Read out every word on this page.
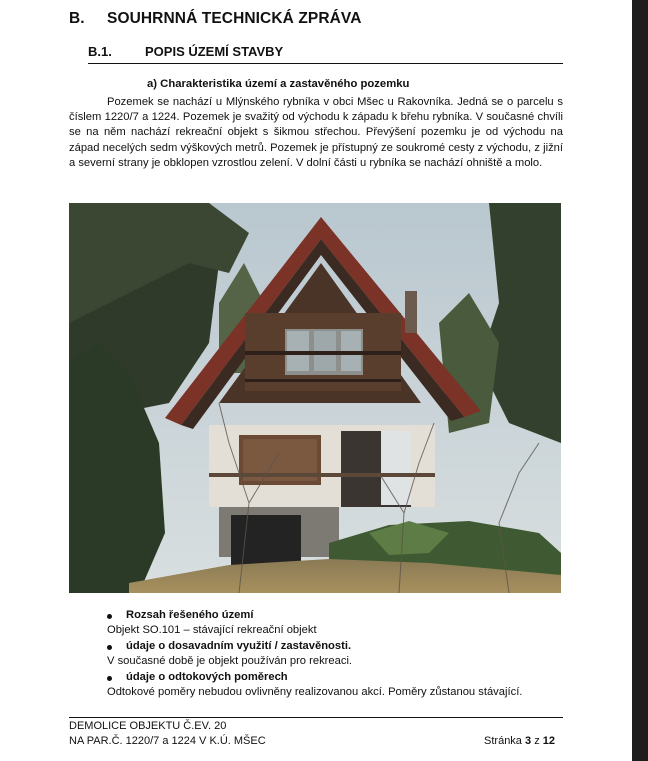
B. SOUHRNNÁ TECHNICKÁ ZPRÁVA
B.1.	POPIS ÚZEMÍ STAVBY
a) Charakteristika území a zastavěného pozemku
Pozemek se nachází u Mlýnského rybníka v obci Mšec u Rakovníka. Jedná se o parcelu s číslem 1220/7 a 1224. Pozemek je svažitý od východu k západu k břehu rybníka. V současné chvíli se na něm nachází rekreační objekt s šikmou střechou. Převýšení pozemku je od východu na západ necelých sedm výškových metrů. Pozemek je přístupný ze soukromé cesty z východu, z jižní a severní strany je obklopen vzrostlou zelení. V dolní části u rybníka se nachází ohniště a molo.
Rozsah řešeného území
Objekt SO.101 – stávající rekreační objekt
údaje o dosavadním využití / zastavěnosti.
V současné době je objekt používán pro rekreaci.
údaje o odtokových poměrech
Odtokové poměry nebudou ovlivněny realizovanou akcí. Poměry zůstanou stávající.
DEMOLICE OBJEKTU Č.EV. 20
NA PAR.Č. 1220/7 a 1224 V K.Ú. MŠEC	Stránka 3 z 12
